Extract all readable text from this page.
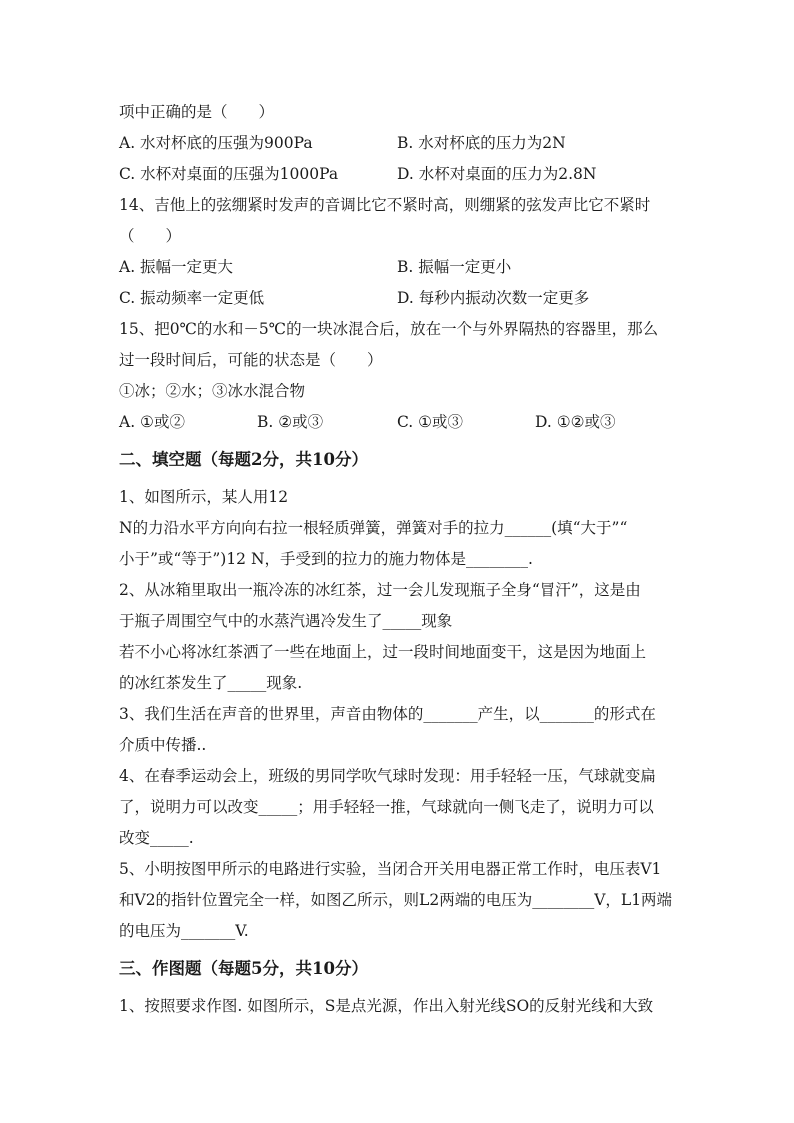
项中正确的是（　　）
A. 水对杯底的压强为900Pa	B. 水对杯底的压力为2N
C. 水杯对桌面的压强为1000Pa	D. 水杯对桌面的压力为2.8N
14、吉他上的弦绷紧时发声的音调比它不紧时高，则绷紧的弦发声比它不紧时
（　　）
A. 振幅一定更大	B. 振幅一定更小
C. 振动频率一定更低	D. 每秒内振动次数一定更多
15、把0℃的水和－5℃的一块冰混合后，放在一个与外界隔热的容器里，那么
过一段时间后，可能的状态是（　　）
①冰；②水；③冰水混合物
A. ①或②	B. ②或③	C. ①或③	D. ①②或③
二、填空题（每题2分，共10分）
1、如图所示，某人用12
N的力沿水平方向向右拉一根轻质弹簧，弹簧对手的拉力______(填“大于”“
小于”或“等于”)12 N，手受到的拉力的施力物体是________.
2、从冰箱里取出一瓶冷冻的冰红茶，过一会儿发现瓶子全身“冒汗”，这是由
于瓶子周围空气中的水蒸汽遇冷发生了_____现象
若不小心将冰红茶洒了一些在地面上，过一段时间地面变干，这是因为地面上
的冰红茶发生了_____现象.
3、我们生活在声音的世界里，声音由物体的_______产生，以_______的形式在
介质中传播..
4、在春季运动会上，班级的男同学吹气球时发现：用手轻轻一压，气球就变扁
了，说明力可以改变_____；用手轻轻一推，气球就向一侧飞走了，说明力可以
改变_____.
5、小明按图甲所示的电路进行实验，当闭合开关用电器正常工作时，电压表V1
和V2的指针位置完全一样，如图乙所示，则L2两端的电压为________V，L1两端
的电压为_______V.
三、作图题（每题5分，共10分）
1、按照要求作图. 如图所示，S是点光源，作出入射光线SO的反射光线和大致
